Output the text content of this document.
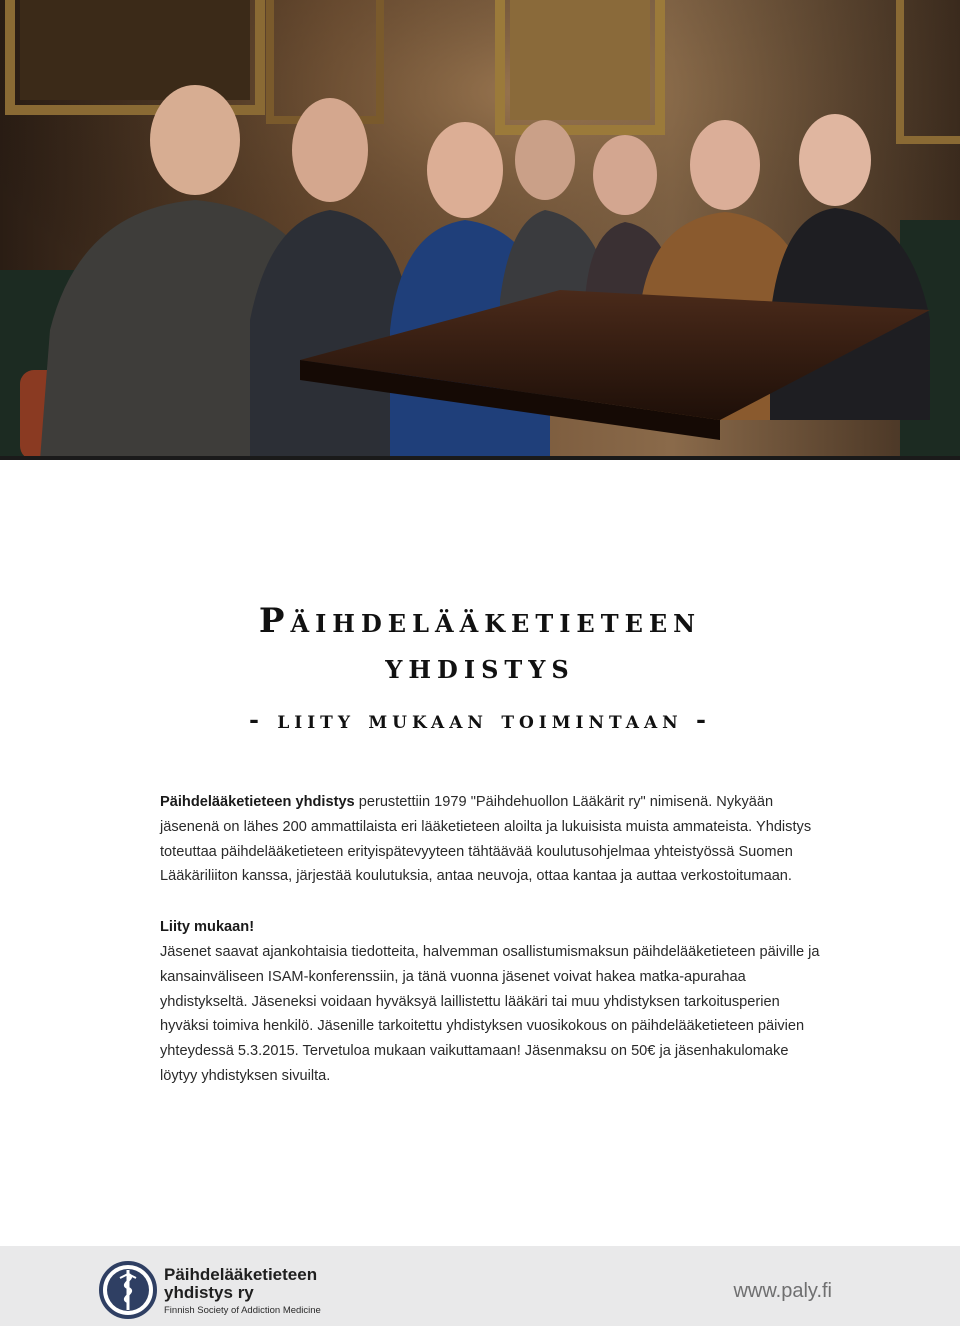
Päihdelääketieteen
yhdistys
- liity mukaan toimintaan -

Päihdelääketieteen yhdistys perustettiin 1979 "Päihdehuollon Lääkärit ry" nimisenä. Nykyään jäsenenä on lähes 200 ammattilaista eri lääketieteen aloilta ja lukuisista muista ammateista. Yhdistys toteuttaa päihdelääketieteen erityispätevyyteen tähtäävää koulutusohjelmaa yhteistyössä Suomen Lääkäriliiton kanssa, järjestää koulutuksia, antaa neuvoja, ottaa kantaa ja auttaa verkostoitumaan.

Liity mukaan!

Jäsenet saavat ajankohtaisia tiedotteita, halvemman osallistumismaksun päihdelääketieteen päiville ja kansainväliseen ISAM-konferenssiin, ja tänä vuonna jäsenet voivat hakea matka-apurahaa yhdistykseltä. Jäseneksi voidaan hyväksyä laillistettu lääkäri tai muu yhdistyksen tarkoitusperien hyväksi toimiva henkilö. Jäsenille tarkoitettu yhdistyksen vuosikokous on päihdelääketieteen päivien yhteydessä 5.3.2015. Tervetuloa mukaan vaikuttamaan! Jäsenmaksu on 50€ ja jäsenhakulomake löytyy yhdistyksen sivuilta.

Päihdelääketieteen
yhdistys ry
Finnish Society of Addiction Medicine
www.paly.fi
